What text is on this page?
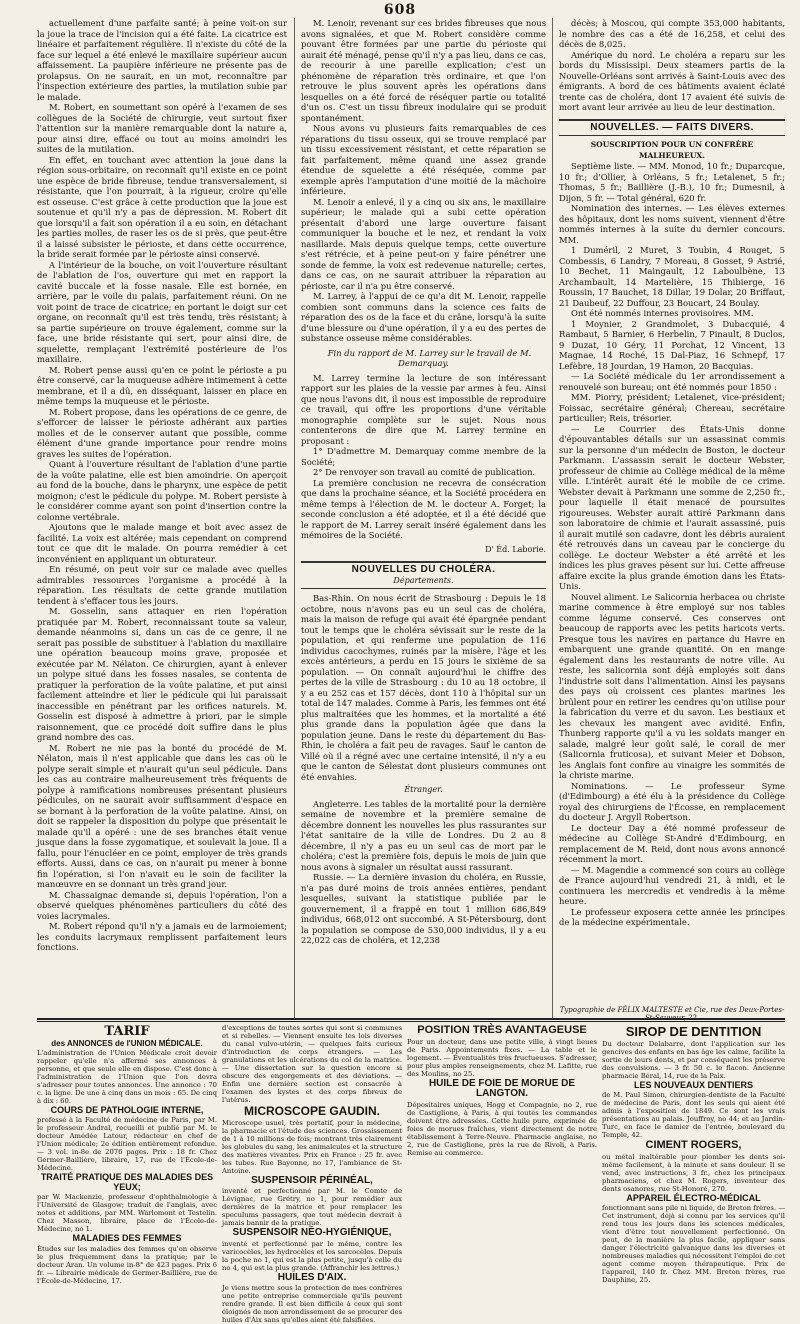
608

actuellement d'une parfaite santé; à peine voit-on sur la joue la trace de l'incision qui a été faite. La cicatrice est linéaire et parfaitement régulière. Il n'existe du côté de la face sur lequel a été enlevé le maxillaire supérieur aucun affaissement. La paupière inférieure ne présente pas de prolapsus. On ne saurait, en un mot, reconnaître par l'inspection extérieure des parties, la mutilation subie par le malade.

M. Robert, en soumettant son opéré à l'examen de ses collègues de la Société de chirurgie, veut surtout fixer l'attention sur la manière remarquable dont la nature a, pour ainsi dire, effacé ou tout au moins amoindri les suites de la mutilation.

En effet, en touchant avec attention la joue dans la région sous-orbitaire, on reconnaît qu'il existe en ce point une espèce de bride fibreuse, tendue transversalement, si résistante, que l'on pourrait, à la rigueur, croire qu'elle est osseuse. C'est grâce à cette production que la joue est soutenue et qu'il n'y a pas de dépression. M. Robert dit que lorsqu'il a fait son opération il a eu soin, en détachant les parties molles, de raser les os de si près, que peut-être il a laissé subsister le périoste, et dans cette occurrence, la bride serait formée par le périoste ainsi conservé.

A l'intérieur de la bouche, on voit l'ouverture résultant de l'ablation de l'os, ouverture qui met en rapport la cavité buccale et la fosse nasale. Elle est bornée, en arrière, par le voile du palais, parfaitement réuni. On ne voit point de trace de cicatrice; en portant le doigt sur cet organe, on reconnaît qu'il est très tendu, très résistant; à sa partie supérieure on trouve également, comme sur la face, une bride résistante qui sert, pour ainsi dire, de squelette, remplaçant l'extrémité postérieure de l'os maxillaire.

M. Robert pense aussi qu'en ce point le périoste a pu être conservé, car la muqueuse adhère intimement à cette membrane, et il a dû, en disséquant, laisser en place en même temps la muqueuse et le périoste.

M. Robert propose, dans les opérations de ce genre, de s'efforcer de laisser le périoste adhérant aux parties molles et de le conserver autant que possible, comme élément d'une grande importance pour rendre moins graves les suites de l'opération.

Quant à l'ouverture résultant de l'ablation d'une partie de la voûte palatine, elle est bien amoindrie. On aperçoit au fond de la bouche, dans le pharynx, une espèce de petit moignon; c'est le pédicule du polype. M. Robert persiste à le considérer comme ayant son point d'insertion contre la colonne vertébrale.

Ajoutons que le malade mange et boit avec assez de facilité. La voix est altérée; mais cependant on comprend tout ce que dit le malade. On pourra remédier à cet inconvénient en appliquant un obturateur.

En résumé, on peut voir sur ce malade avec quelles admirables ressources l'organisme a procédé à la réparation. Les résultats de cette grande mutilation tendent à s'effacer tous les jours.

M. Gosselin, sans attaquer en rien l'opération pratiquée par M. Robert, reconnaissant toute sa valeur, demande néanmoins si, dans un cas de ce genre, il ne serait pas possible de substituer à l'ablation du maxillaire une opération beaucoup moins grave, proposée et exécutée par M. Nélaton. Ce chirurgien, ayant à enlever un polype situé dans les fosses nasales, se contenta de pratiquer la perforation de la voûte palatine, et put ainsi facilement atteindre et lier le pédicule qui lui paraissait inaccessible en pénétrant par les orifices naturels. M. Gosselin est disposé à admettre à priori, par le simple raisonnement, que ce procédé doit suffire dans le plus grand nombre des cas.

M. Robert ne nie pas la bonté du procédé de M. Nélaton, mais il n'est applicable que dans les cas où le polype serait simple et n'aurait qu'un seul pédicule. Dans les cas au contraire malheureusement très fréquents de polype à ramifications nombreuses présentant plusieurs pédicules, on ne saurait avoir suffisamment d'espace en se bornant à la perforation de la voûte palatine. Ainsi, on doit se rappeler la disposition du polype que présentait le malade qu'il a opéré : une de ses branches était venue jusque dans la fosse zygomatique, et soulevait la joue. Il a fallu, pour l'énucléer en ce point, employer de très grands efforts. Aussi, dans ce cas, on n'aurait pu mener à bonne fin l'opération, si l'on n'avait eu le soin de faciliter la manœuvre en se donnant un très grand jour.

M. Chassaignac demande si, depuis l'opération, l'on a observé quelques phénomènes particuliers du côté des voies lacrymales.

M. Robert répond qu'il n'y a jamais eu de larmoiement; les conduits lacrymaux remplissent parfaitement leurs fonctions.

M. Lenoir, revenant sur ces brides fibreuses que nous avons signalées, et que M. Robert considère comme pouvant être formées par une partie du périoste qui aurait été ménagé, pense qu'il n'y a pas lieu, dans ce cas, de recourir à une pareille explication; c'est un phénomène de réparation très ordinaire, et que l'on retrouve le plus souvent après les opérations dans lesquelles on a été forcé de réséquer partie ou totalité d'un os. C'est un tissu fibreux inodulaire qui se produit spontanément.

Nous avons vu plusieurs faits remarquables de ces réparations du tissu osseux, qui se trouve remplacé par un tissu excessivement résistant, et cette réparation se fait parfaitement, même quand une assez grande étendue de squelette a été réséquée, comme par exemple après l'amputation d'une moitié de la mâchoire inférieure.

M. Lenoir a enlevé, il y a cinq ou six ans, le maxillaire supérieur; le malade qui a subi cette opération présentait d'abord une large ouverture faisant communiquer la bouche et le nez, et rendant la voix nasillarde. Mais depuis quelque temps, cette ouverture s'est rétrécie, et à peine peut-on y faire pénétrer une sonde de femme, la voix est redevenue naturelle; certes, dans ce cas, on ne saurait attribuer la réparation au périoste, car il n'a pu être conservé.

M. Larrey, à l'appui de ce qu'a dit M. Lenoir, rappelle combien sont communs dans la science ces faits de réparation des os de la face et du crâne, lorsqu'à la suite d'une blessure ou d'une opération, il y a eu des pertes de substance osseuse même considérables.

Fin du rapport de M. Larrey sur le travail de M. Demarquay.

M. Larrey termine la lecture de son intéressant rapport sur les plaies de la vessie par armes à feu. Ainsi que nous l'avons dit, il nous est impossible de reproduire ce travail, qui offre les proportions d'une véritable monographie complète sur le sujet. Nous nous contenterons de dire que M. Larrey termine en proposant :

1° D'admettre M. Demarquay comme membre de la Société;

2° De renvoyer son travail au comité de publication.

La première conclusion ne recevra de consécration que dans la prochaine séance, et la Société procédera en même temps à l'élection de M. le docteur A. Forget; la seconde conclusion a été adoptée, et il a été décidé que le rapport de M. Larrey serait inséré également dans les mémoires de la Société.

D' Éd. Laborie.
NOUVELLES DU CHOLÉRA.
Départements.

Bas-Rhin. On nous écrit de Strasbourg : Depuis le 18 octobre, nous n'avons pas eu un seul cas de choléra, mais la maison de refuge qui avait été épargnée pendant tout le temps que le choléra sévissait sur le reste de la population, et qui renferme une population de 116 individus cacochymes, ruinés par la misère, l'âge et les excès antérieurs, a perdu en 15 jours le sixième de sa population. — On connaît aujourd'hui le chiffre des pertes de la ville de Strasbourg : du 10 au 18 octobre, il y a eu 252 cas et 157 décès, dont 110 à l'hôpital sur un total de 147 malades. Comme à Paris, les femmes ont été plus maltraitées que les hommes, et la mortalité a été plus grande dans la population âgée que dans la population jeune. Dans le reste du département du Bas-Rhin, le choléra a fait peu de ravages. Sauf le canton de Villé où il a régné avec une certaine intensité, il n'y a eu que le canton de Sélestat dont plusieurs communes ont été envahies.

Étranger.

Angleterre. Les tables de la mortalité pour la dernière semaine de novembre et la première semaine de décembre donnent les nouvelles les plus rassurantes sur l'état sanitaire de la ville de Londres. Du 2 au 8 décembre, il n'y a pas eu un seul cas de mort par le choléra; c'est la première fois, depuis le mois de juin que nous avons à signaler un résultat aussi rassurant.

Russie. — La dernière invasion du choléra, en Russie, n'a pas duré moins de trois années entières, pendant lesquelles, suivant la statistique publiée par le gouvernement, il a frappé en tout 1 million 686,849 individus, 668,012 ont succombé. A St-Pétersbourg, dont la population se compose de 530,000 individus, il y a eu 22,022 cas de choléra, et 12,238

décès; à Moscou, qui compte 353,000 habitants, le nombre des cas a été de 16,258, et celui des décès de 8,025.

Amérique du nord. Le choléra a reparu sur les bords du Mississipi. Deux steamers partis de la Nouvelle-Orléans sont arrivés à Saint-Louis avec des émigrants. A bord de ces bâtiments avaient éclaté trente cas de choléra, dont 17 avaient été suivis de mort avant leur arrivée au lieu de leur destination.

NOUVELLES. — FAITS DIVERS.
SOUSCRIPTION POUR UN CONFRÈRE MALHEUREUX.

Septième liste. — MM. Monod, 10 fr.; Duparcque, 10 fr.; d'Ollier, à Orléans, 5 fr.; Letalenet, 5 fr.; Thomas, 5 fr.; Baillière (J.-B.), 10 fr.; Dumesnil, à Dijon, 5 fr. — Total général, 620 fr.

Nomination des internes. — Les élèves externes des hôpitaux, dont les noms suivent, viennent d'être nommés internes à la suite du dernier concours. MM.

1 Duméril, 2 Muret, 3 Toubin, 4 Rouget, 5 Combessis, 6 Landry, 7 Moreau, 8 Gosset, 9 Astrié, 10 Bechet, 11 Maingault, 12 Laboulbène, 13 Archambault, 14 Martelière, 15 Thibierge, 16 Roussin, 17 Bauchet, 18 Dillar, 19 Dolar, 20 Briffaut, 21 Daubeuf, 22 Duffour, 23 Boucart, 24 Boulay.

Ont été nommés internes provisoires. MM.

1 Moynier, 2 Grandmolet, 3 Dubacquié, 4 Rambaut, 5 Barnier, 6 Herbelin, 7 Pinault, 8 Duclos, 9 Duzat, 10 Géry, 11 Porchat, 12 Vincent, 13 Magnae, 14 Roché, 15 Dal-Piaz, 16 Schnepf, 17 Lefèbre, 18 Jourdan, 19 Hamon, 20 Bacquias.

— La Société médicale du 1er arrondissement a renouvelé son bureau; ont été nommés pour 1850 :

MM. Piorry, président; Letalenet, vice-président; Foissac, secrétaire général; Chereau, secrétaire particulier; Reis, trésorier.

— Le Courrier des États-Unis donne d'épouvantables détails sur un assassinat commis sur la personne d'un médecin de Boston, le docteur Parkmann. L'assassin serait le docteur Webster, professeur de chimie au Collège médical de la même ville. L'intérêt aurait été le mobile de ce crime. Webster devait à Parkmann une somme de 2,250 fr., pour laquelle il était menacé de poursuites rigoureuses. Webster aurait attiré Parkmann dans son laboratoire de chimie et l'aurait assassiné, puis il aurait mutilé son cadavre, dont les débris auraient été retrouvés dans un caveau par le concierge du collège. Le docteur Webster a été arrêté et les indices les plus graves pèsent sur lui. Cette affreuse affaire excite la plus grande émotion dans les États-Unis.

Nouvel aliment. Le Salicornia herbacea ou christe marine commence à être employé sur nos tables comme légume conservé. Ces conserves ont beaucoup de rapports avec les petits haricots verts. Presque tous les navires en partance du Havre en embarquent une grande quantité. On en mange également dans les restaurants de notre ville. Au reste, les salicornia sont déjà employés soit dans l'industrie soit dans l'alimentation. Ainsi les paysans des pays où croissent ces plantes marines les brûlent pour en retirer les cendres qu'on utilise pour la fabrication du verre et du savon. Les bestiaux et les chevaux les mangent avec avidité. Enfin, Thunberg rapporte qu'il a vu les soldats manger en salade, malgré leur goût salé, le corail de mer (Salicornia fruticosa), et suivant Meier et Dobson, les Anglais font confire au vinaigre les sommités de la christe marine.

Nominations. — Le professeur Syme (d'Edimbourg) a été élu à la présidence du Collège royal des chirurgiens de l'Écosse, en remplacement du docteur J. Argyll Robertson.

Le docteur Day a été nommé professeur de médecine au Collège St-André d'Edimbourg, en remplacement de M. Reid, dont nous avons annoncé récemment la mort.

— M. Magendie a commencé son cours au collège de France aujourd'hui vendredi 21, à midi, et le continuera les mercredis et vendredis à la même heure.

Le professeur exposera cette année les principes de la médecine expérimentale.

Typographie de FÉLIX MALTESTE et Cie, rue des Deux-Portes-St-Sauveur, 22.
TARIF
des ANNONCES de l'UNION MÉDICALE.

L'administration de l'Union Médicale croit devoir rappeler qu'elle n'a affermé ses annonces à personne, et que seule elle en dispose. C'est donc à l'administration de l'Union que l'on devra s'adresser pour toutes annonces. Une annonce : 70 c. la ligne. De une à cinq dans un mois : 65. De cinq à dix : 60.

COURS DE PATHOLOGIE INTERNE,

professé à la Faculté de médecine de Paris, par M. le professeur Andral, recueilli et publié par M. le docteur Amédée Latour, rédacteur en chef de l'Union médicale; 2e édition entièrement refondue. — 3 vol. in-8e de 2076 pages. Prix : 18 fr. Chez Germer-Baillière, libraire, 17, rue de l'École-de-Médecine.

TRAITÉ PRATIQUE DES MALADIES DES YEUX;

par W. Mackenzie, professeur d'ophthalmologie à l'Université de Glasgow; traduit de l'anglais, avec notes et additions, par MM. Warlomont et Testelin. Chez Masson, libraire, place de l'École-de-Médecine, no 1.

MALADIES DES FEMMES

Études sur les maladies des femmes qu'on observe le plus fréquemment dans la pratique; par le docteur Aran. Un volume in-8° de 423 pages. Prix 6 fr. — Librairie médicale de Germer-Baillière, rue de l'École-de-Médecine, 17.

d'exceptions de toutes sortes qui sont si communes et si rebelles. — Viennent ensuite les lois diverses du canal vulvo-utérin, — quelques faits curieux d'introduction de corps étrangers. — Les granulations et les ulcérations du col de la matrice. — Une dissertation sur la question encore si obscure des engorgements et des déviations. — Enfin une dernière section est consacrée à l'examen des kystes et des corps fibreux de l'utérus.

MICROSCOPE GAUDIN.

Microscope usuel, très portatif, pour la médecine, la pharmacie et l'étude des sciences. Grossissement de 1 à 10 millions de fois; montrant très clairement les globules du sang, les animalcules et la structure des matières vivantes. Prix en France : 25 fr. avec les tubes. Rue Bayonne, no 17, l'ambiance de St-Antoine.

SUSPENSOIR PÉRINÉAL,

inventé et perfectionné par M. le Comte de Lévignac, rue Grétry, no 1, pour remédier aux dernières de la matrice et pour remplacer les speculums passagers, que tout médecin devrait à jamais bannir de la pratique.

SUSPENSOIR NÉO-HYGIÉNIQUE,

inventé et perfectionné par le même, contre les varicocèles, les hydrocèles et les sarcocèles. Depuis la poche no 1, qui est la plus petite, jusqu'à celle du no 4, qui est la plus grande. (Affranchir les lettres.)

HUILES D'AIX.

Je viens mettre sous la protection de mes confrères une petite entreprise commerciale qu'ils peuvent rendre grande. Il est bien difficile à ceux qui sont éloignés de mon arrondissement de se procurer des huiles d'Aix sans qu'elles aient été falsifiées.

POSITION TRÈS AVANTAGEUSE

Pour un docteur, dans une petite ville, à vingt lieues de Paris. Appointements fixes. — La table et le logement. — Éventualités très fructueuses. S'adresser, pour plus amples renseignements, chez M. Lafitte, rue des Moulins, no 25.

HUILE DE FOIE DE MORUE DE LANGTON.

Dépositaires uniques, Hogg et Compagnie, no 2, rue de Castiglione, à Paris, à qui toutes les commandes doivent être adressées. Cette huile pure, exprimée de foies de morues fraîches, vient directement de notre établissement à Terre-Neuve. Pharmacie anglaise, no 2, rue de Castiglione, près la rue de Rivoli, à Paris. Remise au commerce.

SIROP DE DENTITION

Du docteur Delabarre, dont l'application sur les gencives des enfants en bas âge les calme, facilite la sortie de leurs dents, et par conséquent les préserve des convulsions. — 3 fr. 50 c. le flacon. Ancienne pharmacie Béral, 14, rue de la Paix.

LES NOUVEAUX DENTIERS

de M. Paul Simon, chirurgien-dentiste de la Faculté de médecine de Paris, dont les seuls qui aient été admis à l'exposition de 1849. Ce sont les vrais présentations au palais. Jouffroy, no 44; et au Jardin-Turc, en face le damier de l'entrée, boulevard du Temple, 42.

CIMENT ROGERS,

ou métal inaltérable pour plomber les dents soi-même facilement, à la minute et sans douleur. Il se vend, avec instructions, 3 fr., chez les principaux pharmaciens, et chez M. Rogers, inventeur des dents osanores, rue St-Honoré, 270.

APPAREIL ÉLECTRO-MÉDICAL

fonctionnant sans pile ni liquide, de Breton frères. — Cet instrument, déjà si connu par les services qu'il rend tous les jours dans les sciences médicales, vient d'être tout nouvellement perfectionné. On peut, de la manière la plus facile, appliquer sans danger l'électricité galvanique dans les diverses et nombreuses maladies qui nécessitent l'emploi de cet agent comme moyen thérapeutique. Prix de l'appareil, 140 fr. Chez MM. Breton frères, rue Dauphine, 25.
